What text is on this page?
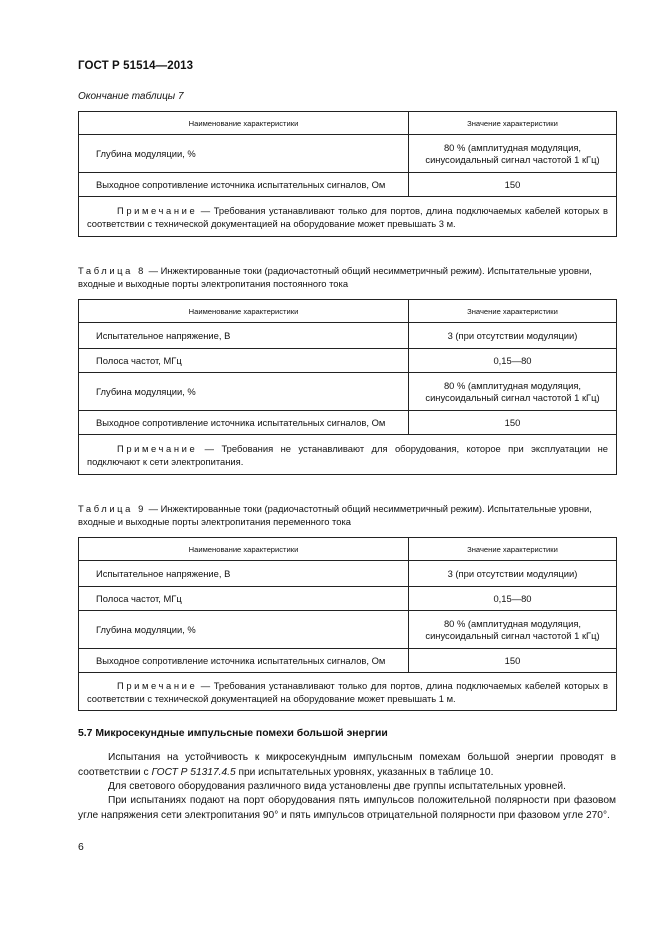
ГОСТ Р 51514—2013
Окончание таблицы 7
Наименование характеристики	Значение характеристики
Глубина модуляции, %	80 % (амплитудная модуляция,
синусоидальный сигнал частотой 1 кГц)

Выходное сопротивление источника испытательных сигналов, Ом	150
Примечание — Требования устанавливают только для портов, длина подключаемых кабелей которых в соответствии с технической документацией на оборудование может превышать 3 м.	
Таблица 8 — Инжектированные токи (радиочастотный общий несимметричный режим). Испытательные уровни, входные и выходные порты электропитания постоянного тока
Наименование характеристики	Значение характеристики
Испытательное напряжение, В	3 (при отсутствии модуляции)
Полоса частот, МГц	0,15—80
Глубина модуляции, %	80 % (амплитудная модуляция,
синусоидальный сигнал частотой 1 кГц)

Выходное сопротивление источника испытательных сигналов, Ом	150
Примечание — Требования не устанавливают для оборудования, которое при эксплуатации не подключают к сети электропитания.	
Таблица 9 — Инжектированные токи (радиочастотный общий несимметричный режим). Испытательные уровни, входные и выходные порты электропитания переменного тока
Наименование характеристики	Значение характеристики
Испытательное напряжение, В	3 (при отсутствии модуляции)
Полоса частот, МГц	0,15—80
Глубина модуляции, %	80 % (амплитудная модуляция,
синусоидальный сигнал частотой 1 кГц)

Выходное сопротивление источника испытательных сигналов, Ом	150
Примечание — Требования устанавливают только для портов, длина подключаемых кабелей которых в соответствии с технической документацией на оборудование может превышать 1 м.	
5.7 Микросекундные импульсные помехи большой энергии
Испытания на устойчивость к микросекундным импульсным помехам большой энергии проводят в соответствии с ГОСТ Р 51317.4.5 при испытательных уровнях, указанных в таблице 10.
Для светового оборудования различного вида установлены две группы испытательных уровней.
При испытаниях подают на порт оборудования пять импульсов положительной полярности при фазовом угле напряжения сети электропитания 90° и пять импульсов отрицательной полярности при фазовом угле 270°.
6
